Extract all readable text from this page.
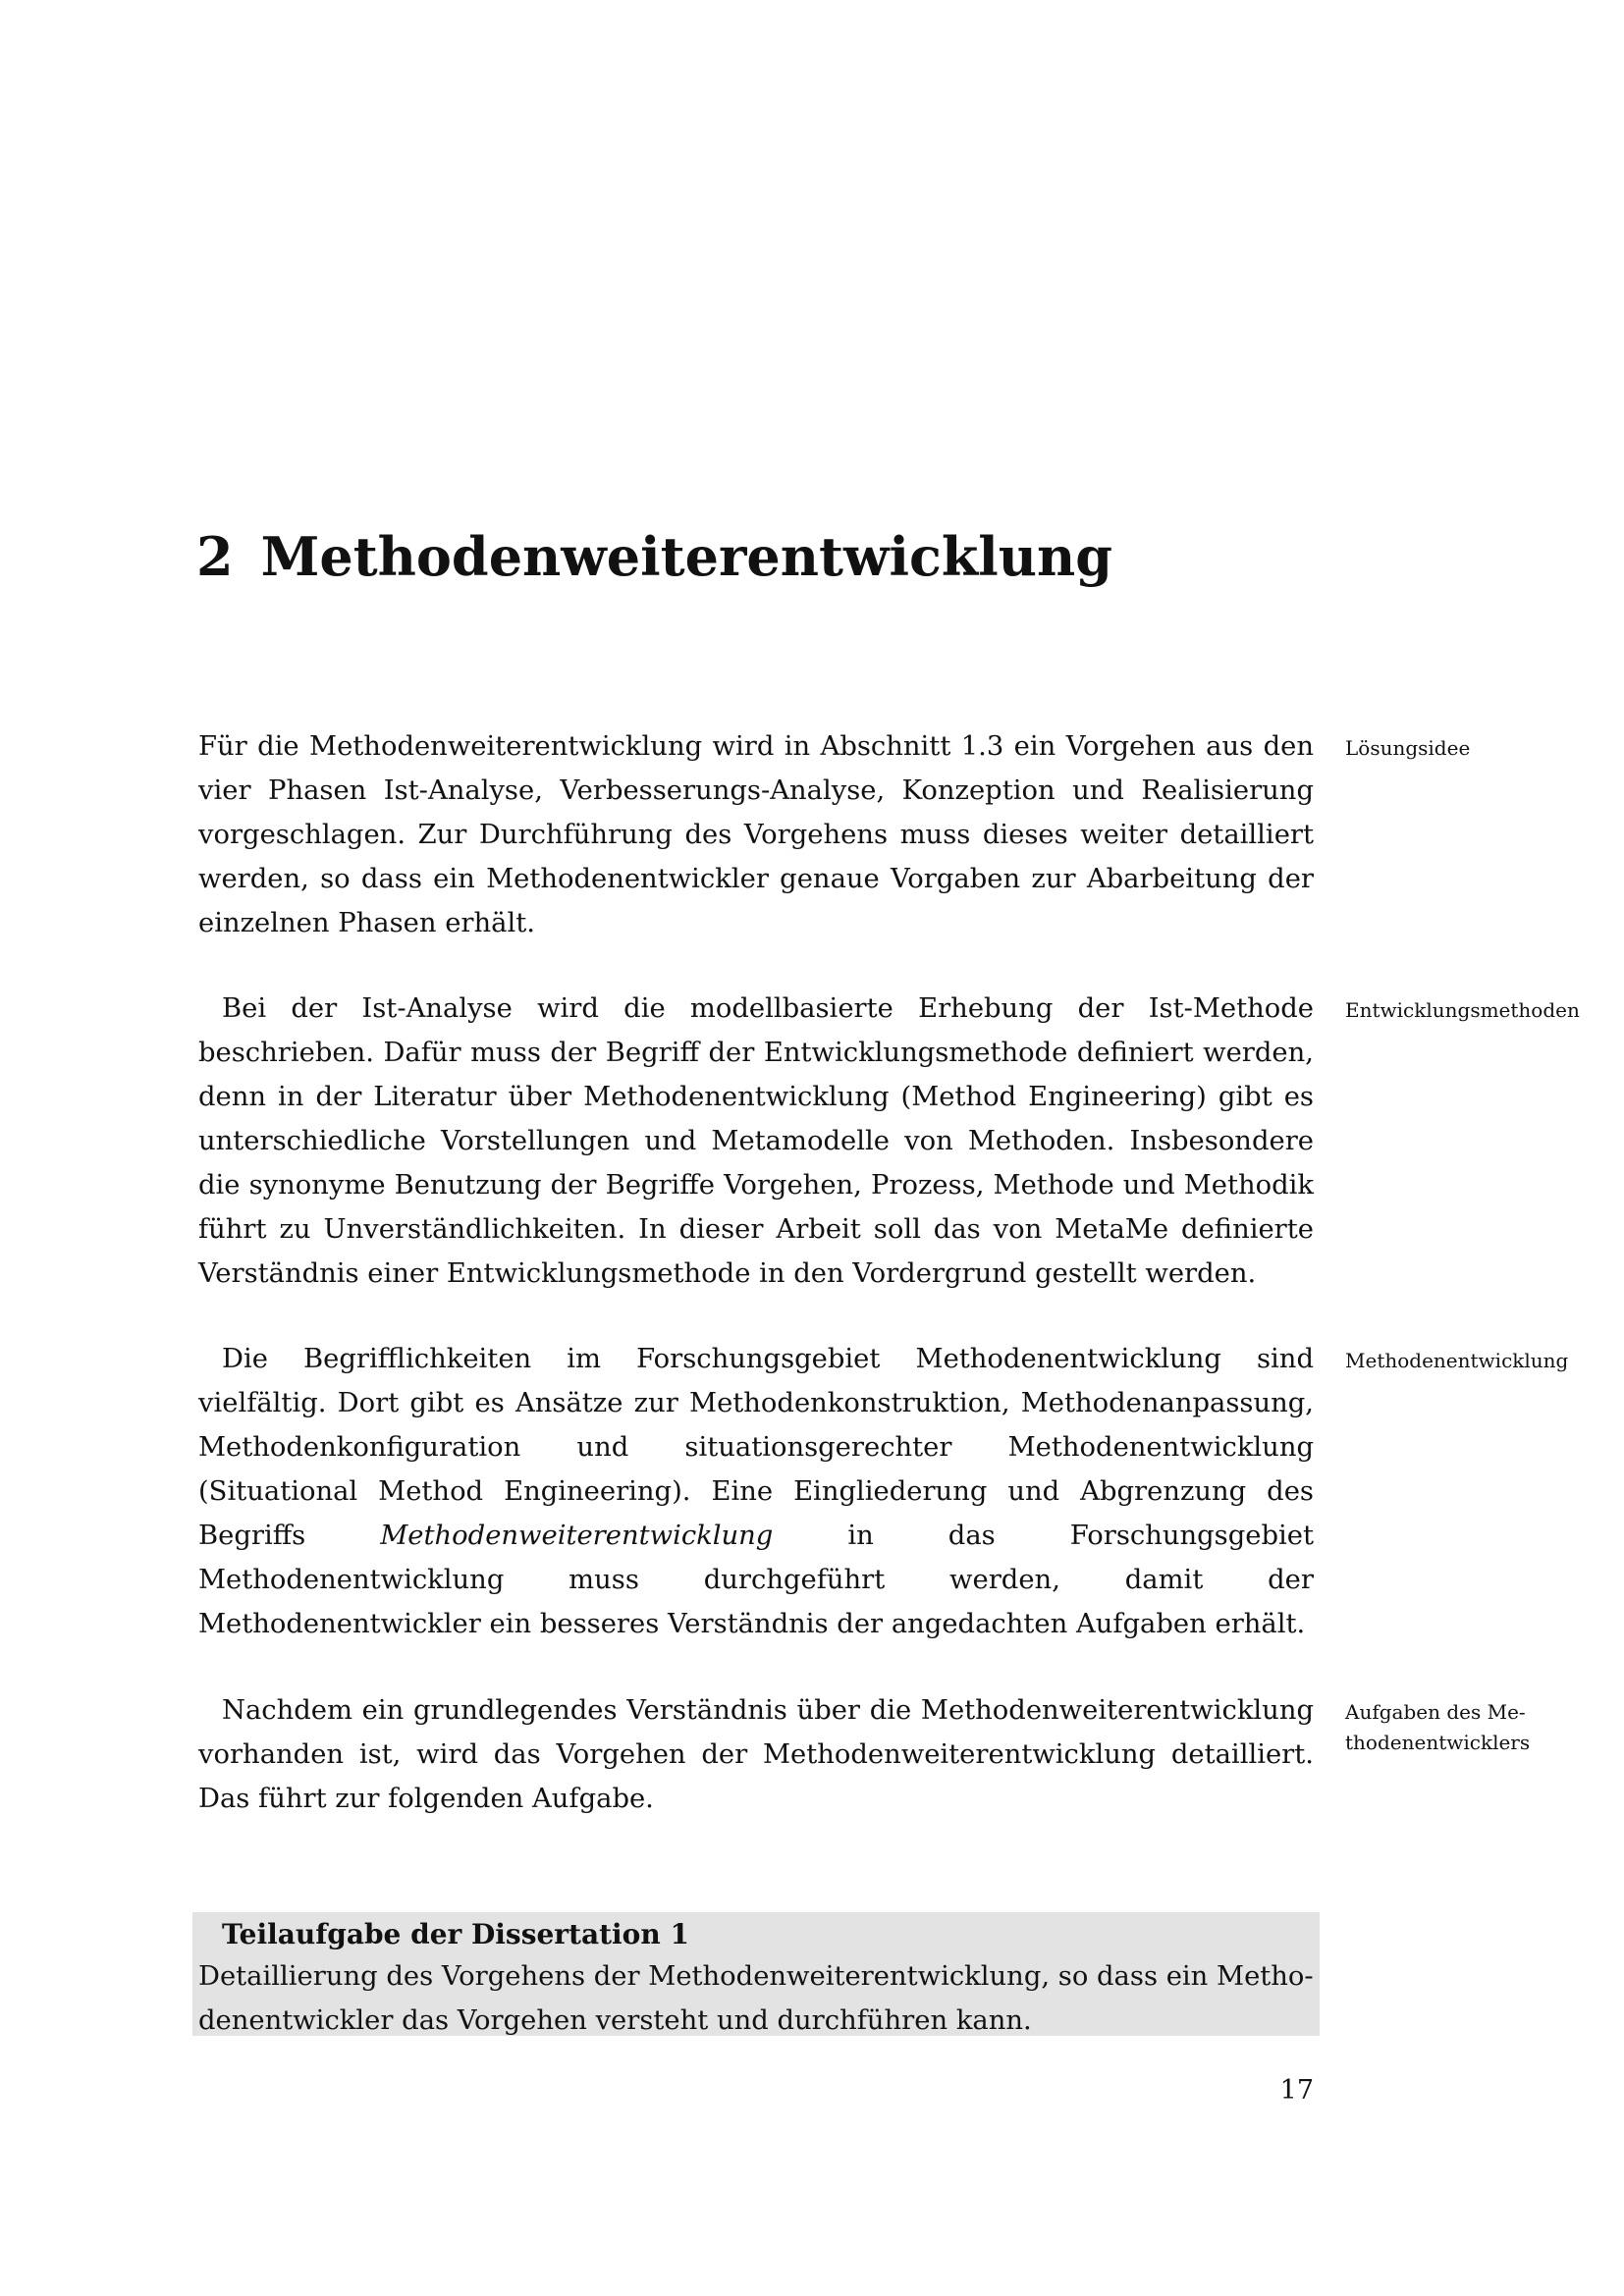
2 Methodenweiterentwicklung

Für die Methodenweiterentwicklung wird in Abschnitt 1.3 ein Vorgehen aus den vier Phasen Ist-Analyse, Verbesserungs-Analyse, Konzeption und Realisierung vorgeschlagen. Zur Durchführung des Vorgehens muss dieses weiter detailliert werden, so dass ein Methodenentwickler genaue Vorgaben zur Abarbeitung der einzelnen Phasen erhält.

Lösungsidee

Bei der Ist-Analyse wird die modellbasierte Erhebung der Ist-Methode beschrieben. Dafür muss der Begriff der Entwicklungsmethode definiert werden, denn in der Literatur über Methodenentwicklung (Method Engineering) gibt es unterschiedliche Vorstellungen und Metamodelle von Methoden. Insbesondere die synonyme Benutzung der Begriffe Vorgehen, Prozess, Methode und Methodik führt zu Unverständlichkeiten. In dieser Arbeit soll das von MetaMe definierte Verständnis einer Entwicklungsmethode in den Vordergrund gestellt werden.

Entwicklungsmethoden

Die Begrifflichkeiten im Forschungsgebiet Methodenentwicklung sind vielfältig. Dort gibt es Ansätze zur Methodenkonstruktion, Methodenanpassung, Methodenkonfiguration und situationsgerechter Methodenentwicklung (Situational Method Engineering). Eine Eingliederung und Abgrenzung des Begriffs Methodenweiterentwicklung in das Forschungsgebiet Methodenentwicklung muss durchgeführt werden, damit der Methodenentwickler ein besseres Verständnis der angedachten Aufgaben erhält.

Methodenentwicklung

Nachdem ein grundlegendes Verständnis über die Methodenweiterentwicklung vorhanden ist, wird das Vorgehen der Methodenweiterentwicklung detailliert. Das führt zur folgenden Aufgabe.

Aufgaben des Me- thodenentwicklers

Teilaufgabe der Dissertation 1

Detaillierung des Vorgehens der Methodenweiterentwicklung, so dass ein Methodenentwickler das Vorgehen versteht und durchführen kann.

17
